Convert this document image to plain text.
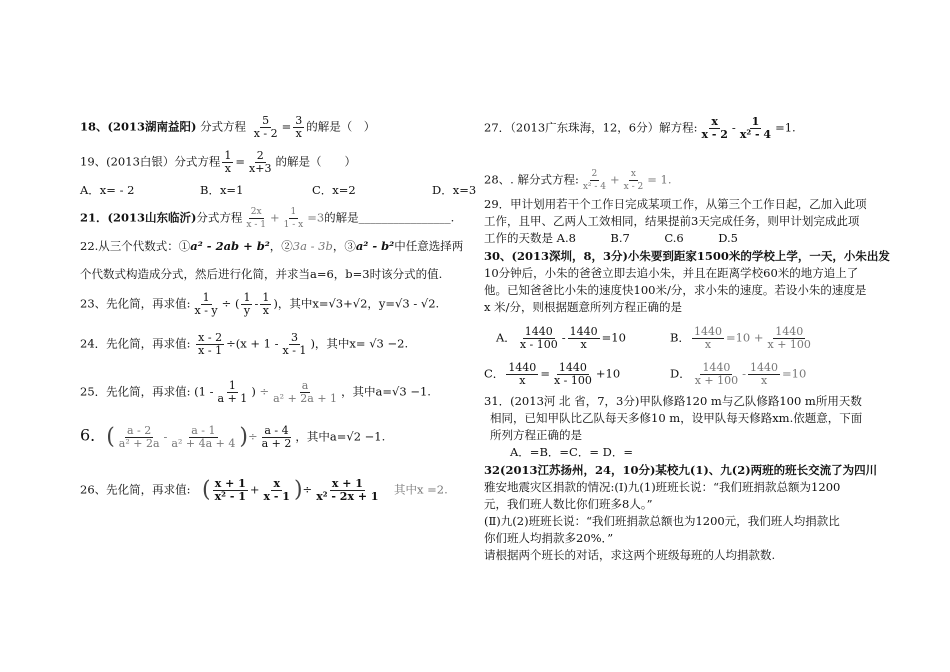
18、(2013湖南益阳) 分式方程 $\frac{5}{x - 2} = \frac{3}{x}$ 的解是（　）
19、(2013白银）分式方程 $\frac{1}{x} = \frac{2}{x+3}$ 的解是（　　）
A．x= - 2	B．x=1	C．x=2	D．x=3
21．(2013山东临沂)分式方程 $\frac{2x}{x - 1} + \frac{1}{1 - x} =3$的解是________________.
22.从三个代数式：①a² - 2ab + b²，②3a - 3b，③a² - b²中任意选择两
个代数式构造成分式，然后进行化简，并求当a=6，b=3时该分式的值.
23、先化简，再求值: $\frac{1}{x - y}$ ÷ ( $\frac{1}{y} - \frac{1}{x}$ )，其中x=√3+√2，y=√3 - √2.
24．先化简，再求值: $\frac{x - 2}{x - 1} \div(x + 1 - \frac{3}{x - 1}$ )，其中x= √3 −2.
25．先化简，再求值: ($1 - \frac{1}{a + 1}$ ) ÷ $\frac{a}{\text{a² + 2a + 1}}$ ，其中a=√3 −1.
6．( $\frac{a - 2}{\text{a² + 2a}} - \frac{a - 1}{\text{a² + 4a + 4}}$ )÷ $\frac{a - 4}{a + 2}$ ，其中a=√2 −1.
26、先化简，再求值:　 ( $\frac{x + 1}{\text{x² - 1}} + \frac{x}{x - 1}$ )÷ $\frac{x + 1}{\text{x² - 2x + 1}}$
　 其中x =2.
27．（2013广东珠海，12，6分）解方程: $\frac{x}{x - 2} - \frac{1}{\text{x² - 4}} =1$.
28、. 解分式方程: $\frac{2}{\text{x² - 4}} + \frac{x}{x - 2} = 1$.
29．甲计划用若干个工作日完成某项工作，从第三个工作日起，乙加入此项
工作，且甲、乙两人工效相同，结果提前3天完成任务，则甲计划完成此项
工作的天数是 A.8　　　B.7　　　C.6　　　D.5
30、(2013深圳，8，3分)小朱要到距家1500米的学校上学，一天，小朱出发
10分钟后，小朱的爸爸立即去追小朱，并且在距离学校60米的地方追上了
他。已知爸爸比小朱的速度快100米/分，求小朱的速度。若设小朱的速度是
x 米/分，则根据题意所列方程正确的是
A． $\frac{1440}{x - 100} - \frac{1440}{x} =10$	B． $\frac{1440}{x} =10 + \frac{1440}{x + 100}$
C． $\frac{1440}{x} = \frac{1440}{x - 100} +10$	D． $\frac{1440}{x + 100} - \frac{1440}{x} =10$
31．(2013河 北 省，7，3分)甲队修路120 m与乙队修路100 m所用天数
相同，已知甲队比乙队每天多修10 m，设甲队每天修路xm.依题意，下面
所列方程正确的是
A．=B．=C．= D．=
32(2013江苏扬州，24，10分)某校九(1)、九(2)两班的班长交流了为四川
雅安地震灾区捐款的情况:(Ⅰ)九(1)班班长说：“我们班捐款总额为1200
元，我们班人数比你们班多8人。”
(Ⅱ)九(2)班班长说：“我们班捐款总额也为1200元，我们班人均捐款比
你们班人均捐款多20%．”
请根据两个班长的对话，求这两个班级每班的人均捐款数.
